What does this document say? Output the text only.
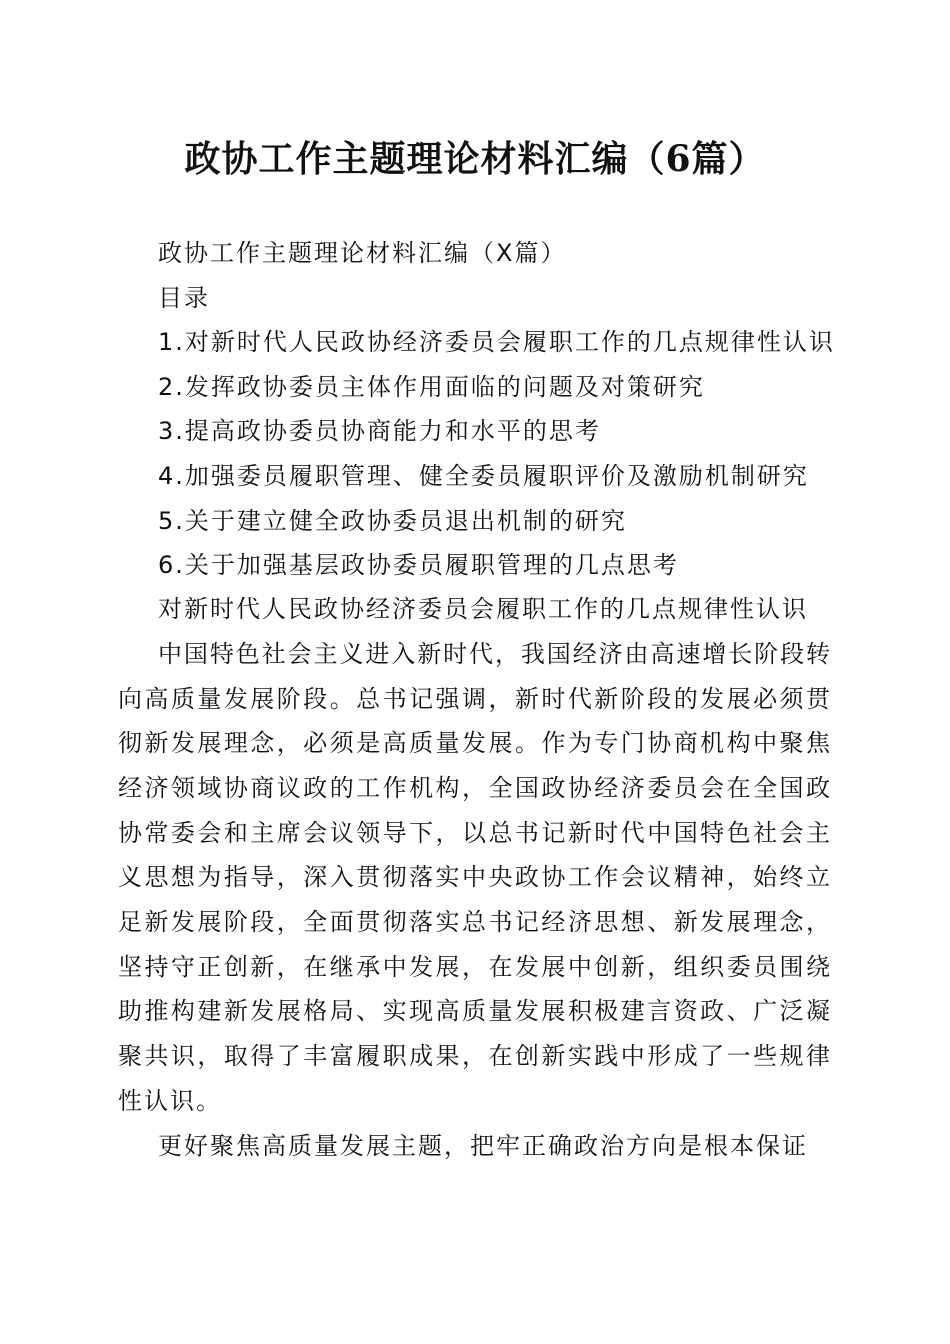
政协工作主题理论材料汇编（6篇）
政协工作主题理论材料汇编（X篇）
目录
1.对新时代人民政协经济委员会履职工作的几点规律性认识
2.发挥政协委员主体作用面临的问题及对策研究
3.提高政协委员协商能力和水平的思考
4.加强委员履职管理、健全委员履职评价及激励机制研究
5.关于建立健全政协委员退出机制的研究
6.关于加强基层政协委员履职管理的几点思考
对新时代人民政协经济委员会履职工作的几点规律性认识
中国特色社会主义进入新时代，我国经济由高速增长阶段转
向高质量发展阶段。总书记强调，新时代新阶段的发展必须贯
彻新发展理念，必须是高质量发展。作为专门协商机构中聚焦
经济领域协商议政的工作机构，全国政协经济委员会在全国政
协常委会和主席会议领导下，以总书记新时代中国特色社会主
义思想为指导，深入贯彻落实中央政协工作会议精神，始终立
足新发展阶段，全面贯彻落实总书记经济思想、新发展理念，
坚持守正创新，在继承中发展，在发展中创新，组织委员围绕
助推构建新发展格局、实现高质量发展积极建言资政、广泛凝
聚共识，取得了丰富履职成果，在创新实践中形成了一些规律
性认识。
更好聚焦高质量发展主题，把牢正确政治方向是根本保证
